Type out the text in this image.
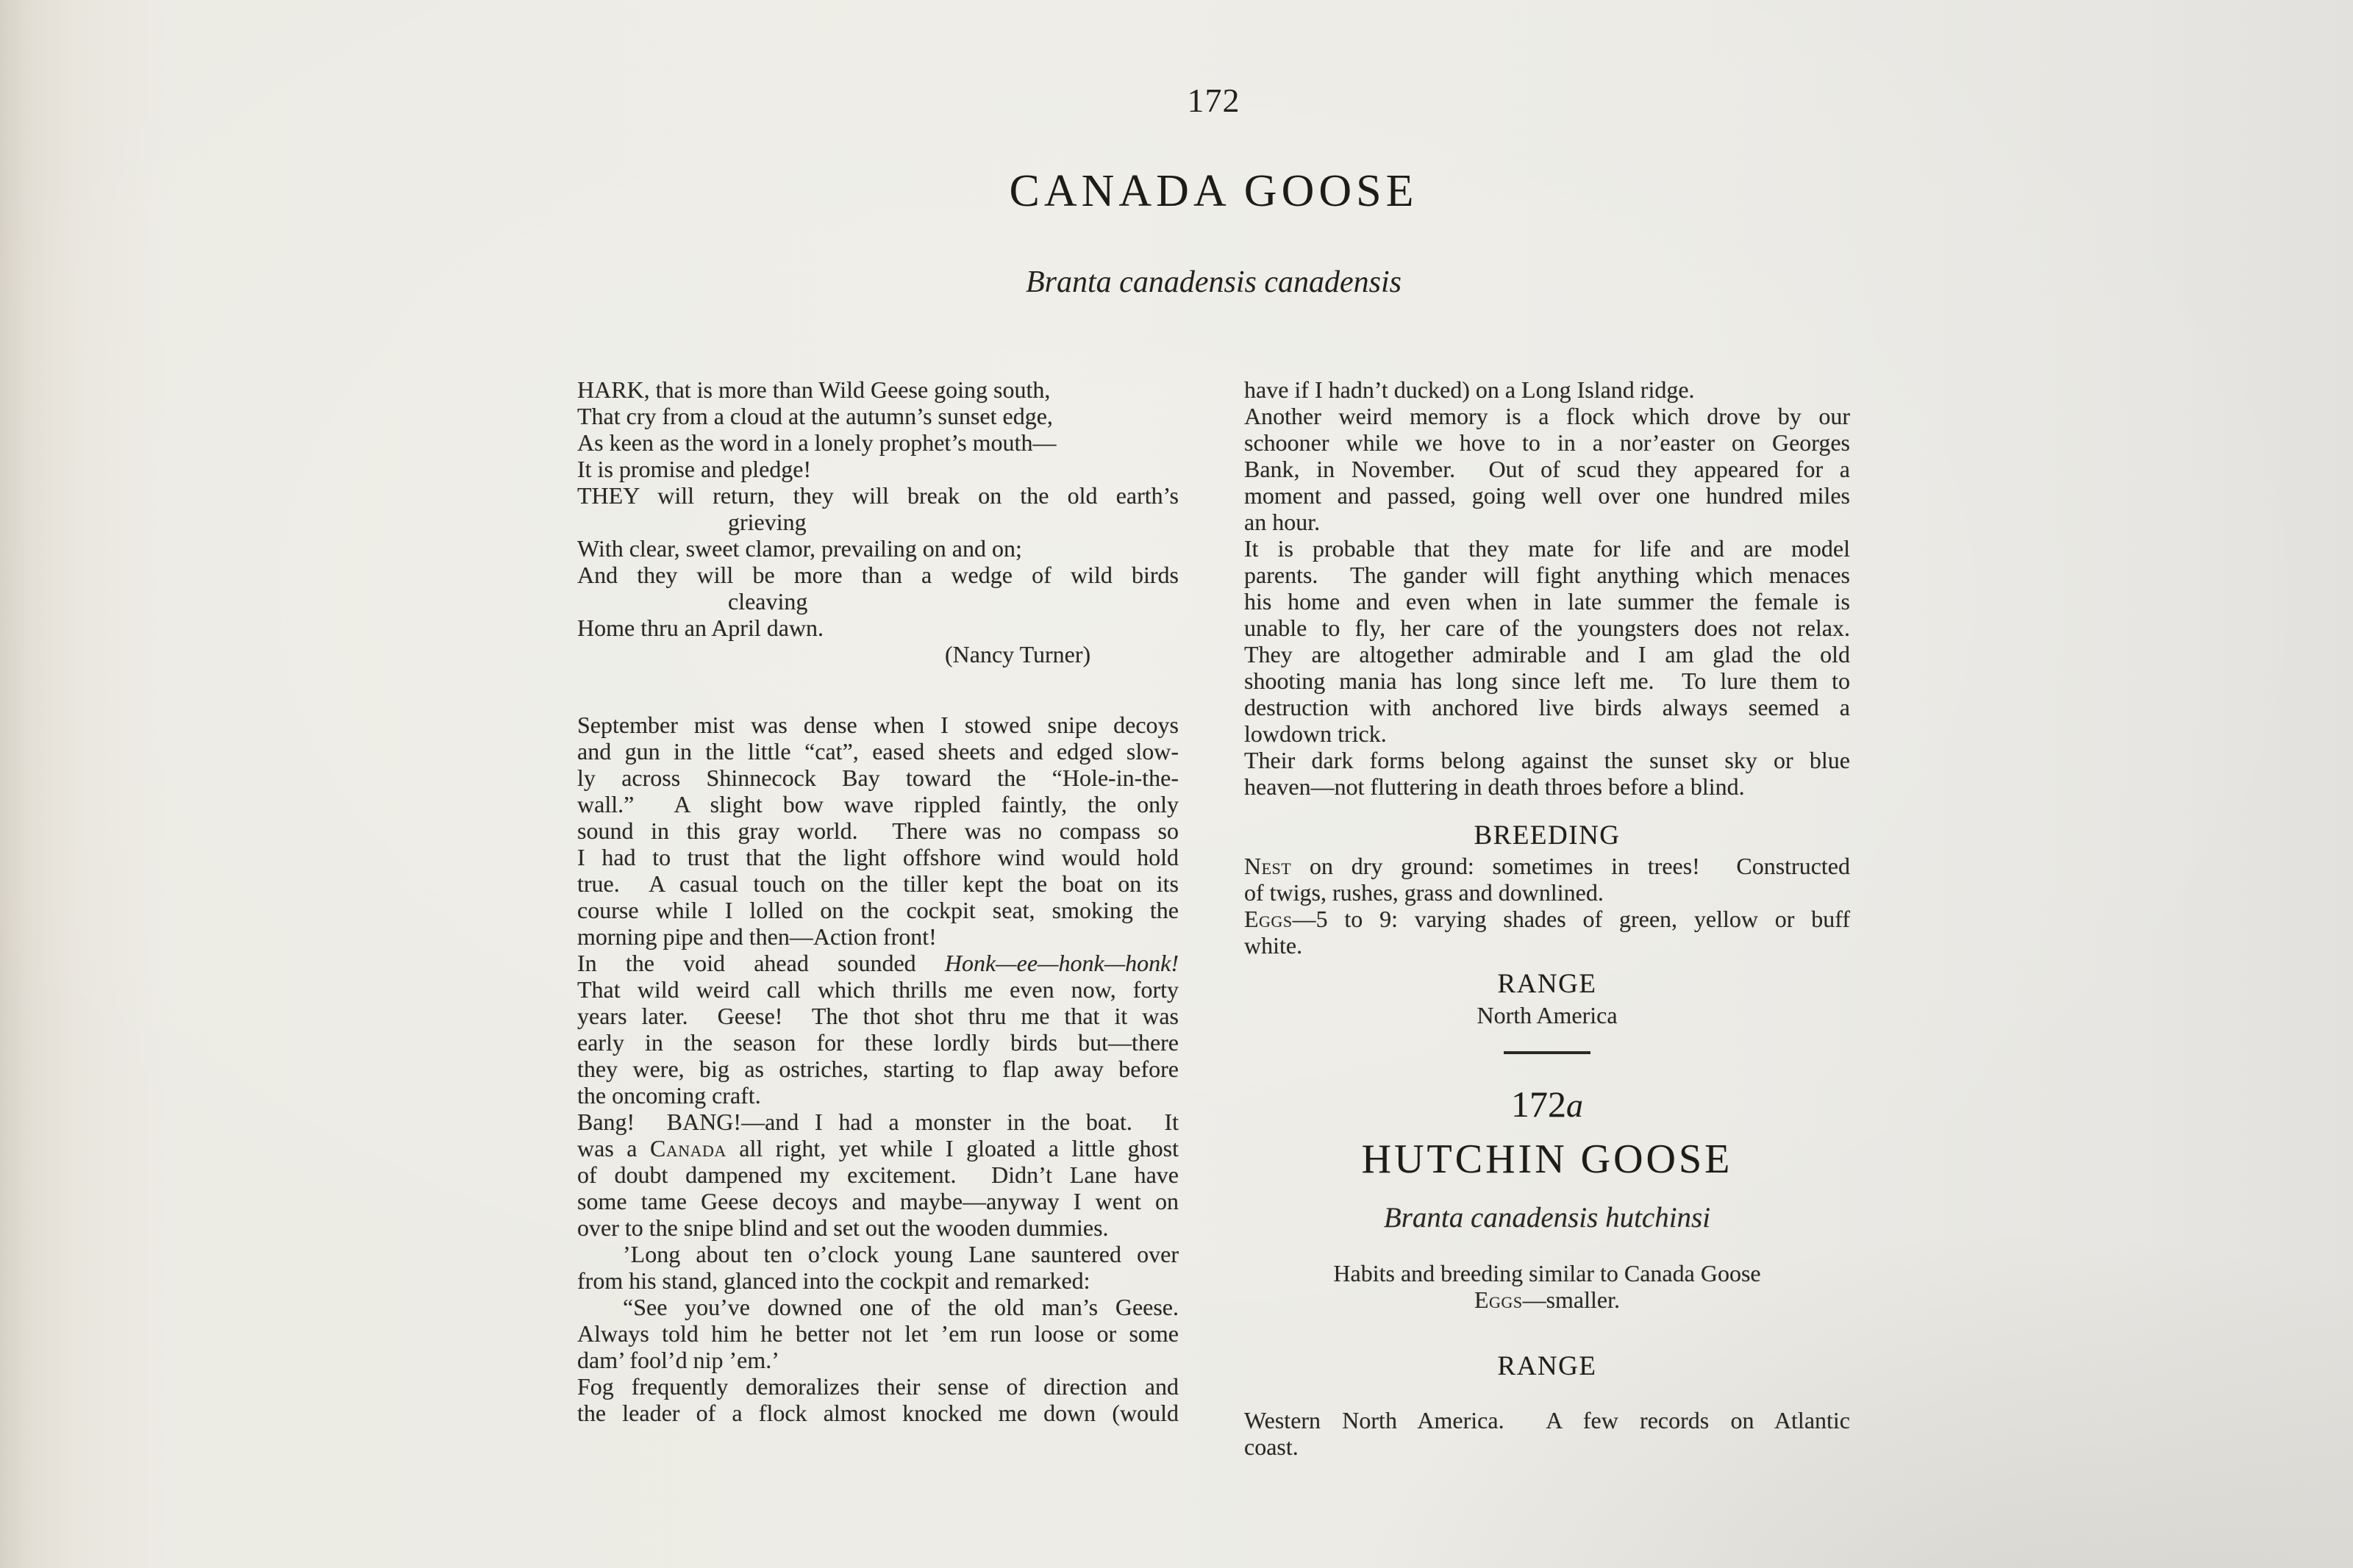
172
CANADA GOOSE
Branta canadensis canadensis
HARK, that is more than Wild Geese going south,
That cry from a cloud at the autumn’s sunset edge,
As keen as the word in a lonely prophet’s mouth—
It is promise and pledge!
THEY will return, they will break on the old earth’s
grieving
With clear, sweet clamor, prevailing on and on;
And they will be more than a wedge of wild birds
cleaving
Home thru an April dawn.
(Nancy Turner)
September mist was dense when I stowed snipe decoys
and gun in the little “cat”, eased sheets and edged slow-
ly across Shinnecock Bay toward the “Hole-in-the-
wall.”  A slight bow wave rippled faintly, the only
sound in this gray world.  There was no compass so
I had to trust that the light offshore wind would hold
true.  A casual touch on the tiller kept the boat on its
course while I lolled on the cockpit seat, smoking the
morning pipe and then—Action front!
In the void ahead sounded Honk—ee—honk—honk!
That wild weird call which thrills me even now, forty
years later.  Geese!  The thot shot thru me that it was
early in the season for these lordly birds but—there
they were, big as ostriches, starting to flap away before
the oncoming craft.
Bang!  BANG!—and I had a monster in the boat.  It
was a Canada all right, yet while I gloated a little ghost
of doubt dampened my excitement.  Didn’t Lane have
some tame Geese decoys and maybe—anyway I went on
over to the snipe blind and set out the wooden dummies.
’Long about ten o’clock young Lane sauntered over
from his stand, glanced into the cockpit and remarked:
“See you’ve downed one of the old man’s Geese.
Always told him he better not let ’em run loose or some
dam’ fool’d nip ’em.’
Fog frequently demoralizes their sense of direction and
the leader of a flock almost knocked me down (would
have if I hadn’t ducked) on a Long Island ridge.
Another weird memory is a flock which drove by our
schooner while we hove to in a nor’easter on Georges
Bank, in November.  Out of scud they appeared for a
moment and passed, going well over one hundred miles
an hour.
It is probable that they mate for life and are model
parents.  The gander will fight anything which menaces
his home and even when in late summer the female is
unable to fly, her care of the youngsters does not relax.
They are altogether admirable and I am glad the old
shooting mania has long since left me.  To lure them to
destruction with anchored live birds always seemed a
lowdown trick.
Their dark forms belong against the sunset sky or blue
heaven—not fluttering in death throes before a blind.
BREEDING
Nest on dry ground: sometimes in trees!  Constructed
of twigs, rushes, grass and downlined.
Eggs—5 to 9: varying shades of green, yellow or buff
white.
RANGE
North America
172a
HUTCHIN GOOSE
Branta canadensis hutchinsi
Habits and breeding similar to Canada Goose
Eggs—smaller.
RANGE
Western North America.  A few records on Atlantic
coast.
